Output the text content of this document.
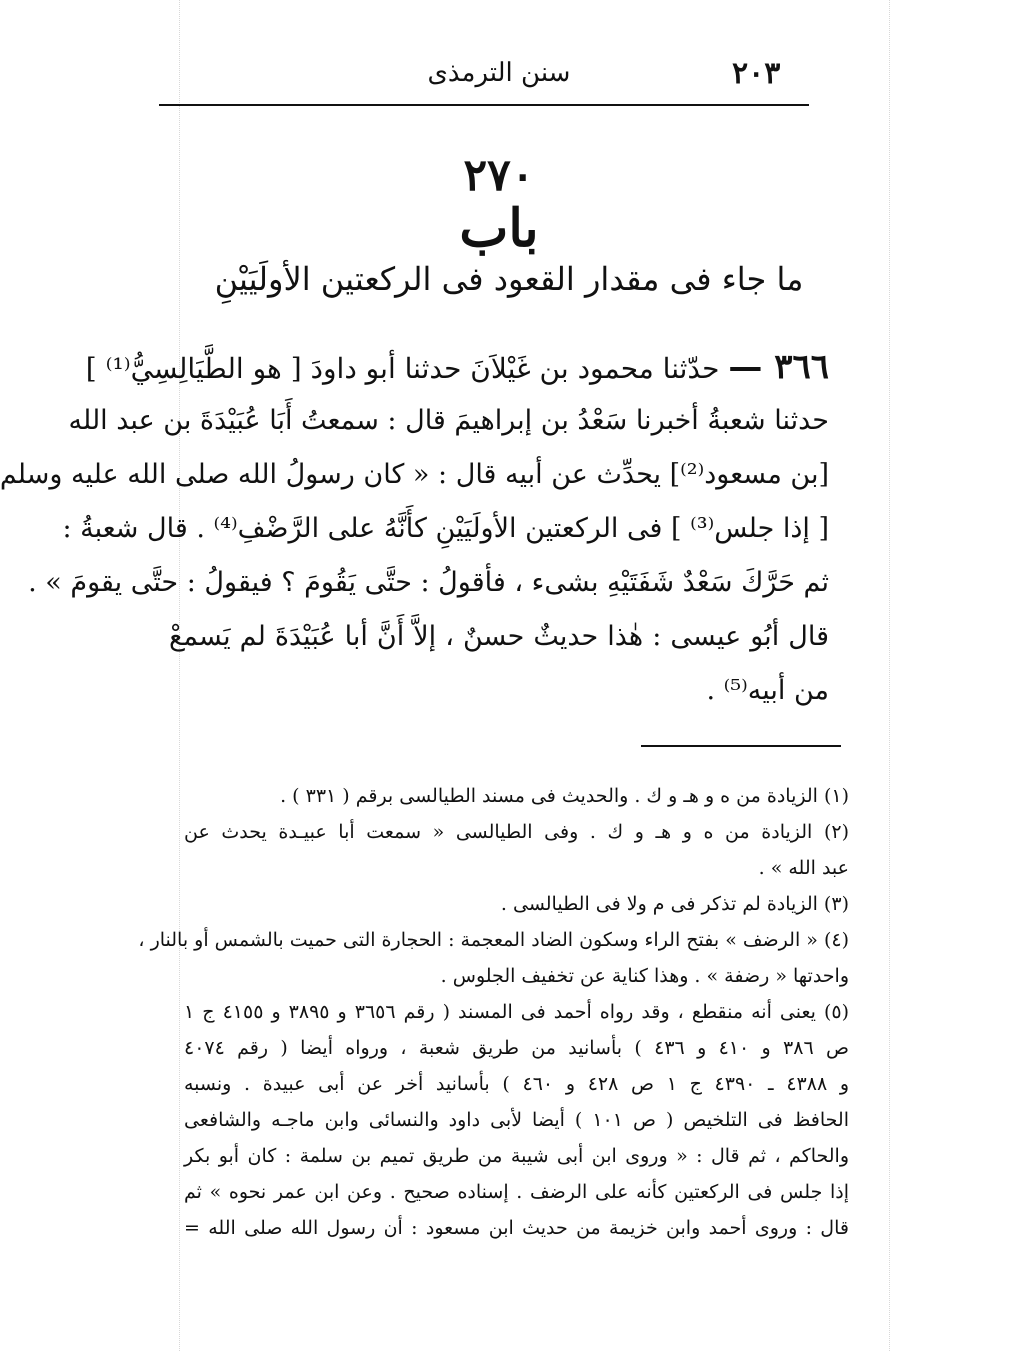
٢٠٣
سنن الترمذى
٢٧٠
باب
ما جاء فى مقدار القعود فى الركعتين الأولَيَيْنِ
٣٦٦ — حدّثنا محمود بن غَيْلاَنَ حدثنا أبو داودَ [ هو الطَّيَالِسِيُّ⁽¹⁾ ]
حدثنا شعبةُ أخبرنا سَعْدُ بن إبراهيمَ قال : سمعتُ أَبَا عُبَيْدَةَ بن عبد الله
[بن مسعود⁽²⁾] يحدِّث عن أبيه قال : « كان رسولُ الله صلى الله عليه وسلم
[ إذا جلس⁽³⁾ ] فى الركعتين الأولَيَيْنِ كأَنَّهُ على الرَّضْفِ⁽⁴⁾ . قال شعبةُ :
ثم حَرَّكَ سَعْدٌ شَفَتَيْهِ بشىء ، فأقولُ : حتَّى يَقُومَ ؟ فيقولُ : حتَّى يقومَ » .
قال أبُو عيسى : هٰذا حديثٌ حسنٌ ، إلاَّ أَنَّ أبا عُبَيْدَةَ لم يَسمعْ
من أبيه⁽⁵⁾ .
(١) الزيادة من ه و هـ و ك . والحديث فى مسند الطيالسى برقم ( ٣٣١ ) .
(٢) الزيادة من ه و هـ و ك . وفى الطيالسى « سمعت أبا عبيـدة يحدث عن
عبد الله » .
(٣) الزيادة لم تذكر فى م ولا فى الطيالسى .
(٤) « الرضف » بفتح الراء وسكون الضاد المعجمة : الحجارة التى حميت بالشمس أو بالنار ،
واحدتها « رضفة » . وهذا كناية عن تخفيف الجلوس .
(٥) يعنى أنه منقطع ، وقد رواه أحمد فى المسند ( رقم ٣٦٥٦ و ٣٨٩٥ و ٤١٥٥ ج ١
ص ٣٨٦ و ٤١٠ و ٤٣٦ ) بأسانيد من طريق شعبة ، ورواه أيضا ( رقم ٤٠٧٤
و ٤٣٨٨ ـ ٤٣٩٠ ج ١ ص ٤٢٨ و ٤٦٠ ) بأسانيد أخر عن أبى عبيدة . ونسبه
الحافظ فى التلخيص ( ص ١٠١ ) أيضا لأبى داود والنسائى وابن ماجـه والشافعى
والحاكم ، ثم قال : « وروى ابن أبى شيبة من طريق تميم بن سلمة : كان أبو بكر
إذا جلس فى الركعتين كأنه على الرضف . إسناده صحيح . وعن ابن عمر نحوه » ثم
قال : وروى أحمد وابن خزيمة من حديث ابن مسعود : أن رسول الله صلى الله =
